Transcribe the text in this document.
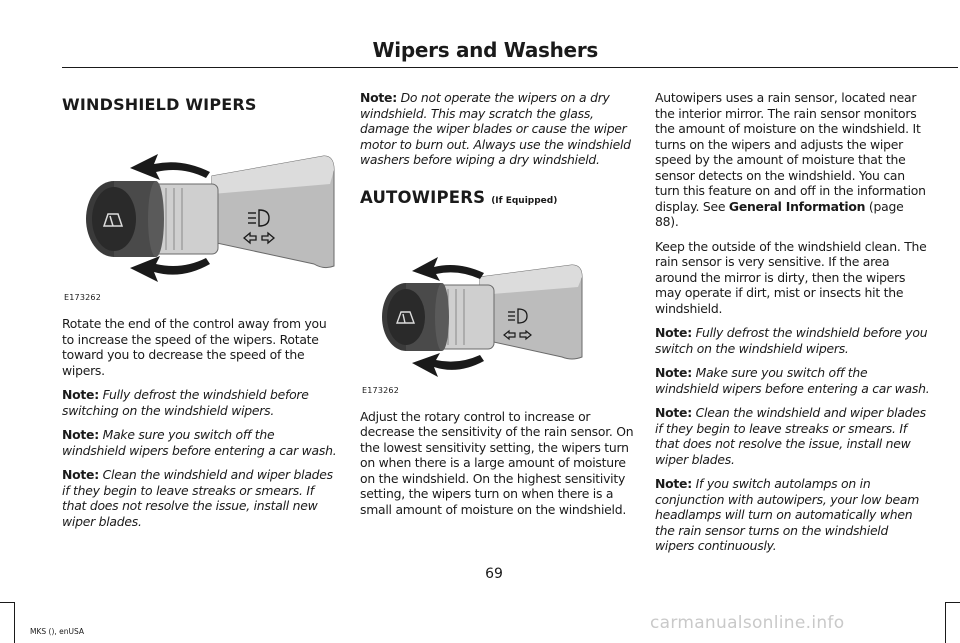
Wipers and Washers
WINDSHIELD WIPERS
E173262

Rotate the end of the control away from you to increase the speed of the wipers. Rotate toward you to decrease the speed of the wipers.

Note: Fully defrost the windshield before switching on the windshield wipers.

Note: Make sure you switch off the windshield wipers before entering a car wash.

Note: Clean the windshield and wiper blades if they begin to leave streaks or smears. If that does not resolve the issue, install new wiper blades.

Note: Do not operate the wipers on a dry windshield. This may scratch the glass, damage the wiper blades or cause the wiper motor to burn out. Always use the windshield washers before wiping a dry windshield.

AUTOWIPERS (If Equipped)
E173262

Adjust the rotary control to increase or decrease the sensitivity of the rain sensor. On the lowest sensitivity setting, the wipers turn on when there is a large amount of moisture on the windshield. On the highest sensitivity setting, the wipers turn on when there is a small amount of moisture on the windshield.

Autowipers uses a rain sensor, located near the interior mirror. The rain sensor monitors the amount of moisture on the windshield. It turns on the wipers and adjusts the wiper speed by the amount of moisture that the sensor detects on the windshield. You can turn this feature on and off in the information display. See General Information (page 88).

Keep the outside of the windshield clean. The rain sensor is very sensitive. If the area around the mirror is dirty, then the wipers may operate if dirt, mist or insects hit the windshield.

Note: Fully defrost the windshield before you switch on the windshield wipers.

Note: Make sure you switch off the windshield wipers before entering a car wash.

Note: Clean the windshield and wiper blades if they begin to leave streaks or smears. If that does not resolve the issue, install new wiper blades.

Note: If you switch autolamps on in conjunction with autowipers, your low beam headlamps will turn on automatically when the rain sensor turns on the windshield wipers continuously.

69
MKS (), enUSA	carmanualsonline.info
